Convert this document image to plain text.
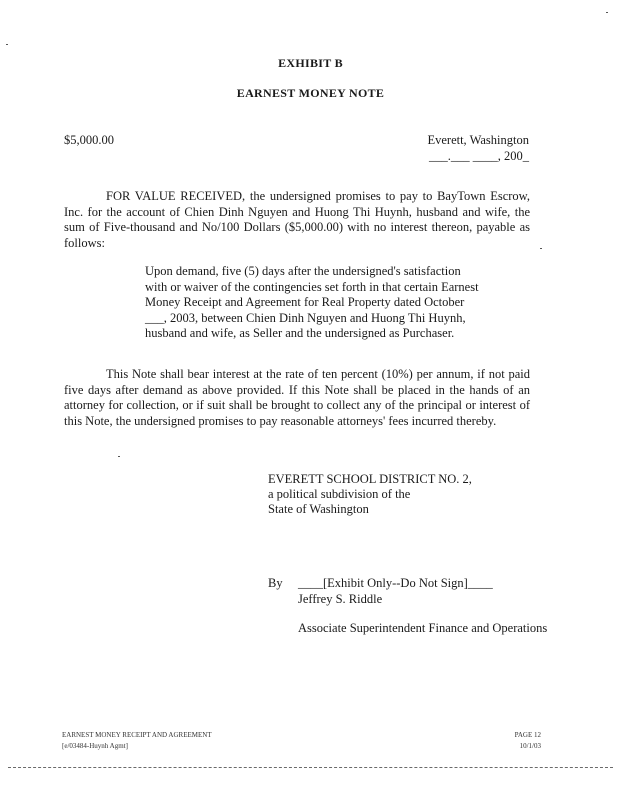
EXHIBIT B
EARNEST MONEY NOTE
$5,000.00	Everett, Washington
___.___ ____, 200_
FOR VALUE RECEIVED, the undersigned promises to pay to BayTown Escrow, Inc. for the account of Chien Dinh Nguyen and Huong Thi Huynh, husband and wife, the sum of Five-thousand and No/100 Dollars ($5,000.00) with no interest thereon, payable as follows:
Upon demand, five (5) days after the undersigned's satisfaction with or waiver of the contingencies set forth in that certain Earnest Money Receipt and Agreement for Real Property dated October ___, 2003, between Chien Dinh Nguyen and Huong Thi Huynh, husband and wife, as Seller and the undersigned as Purchaser.
This Note shall bear interest at the rate of ten percent (10%) per annum, if not paid five days after demand as above provided. If this Note shall be placed in the hands of an attorney for collection, or if suit shall be brought to collect any of the principal or interest of this Note, the undersigned promises to pay reasonable attorneys' fees incurred thereby.
EVERETT SCHOOL DISTRICT NO. 2,
a political subdivision of the
State of Washington
By ____[Exhibit Only--Do Not Sign]____
Jeffrey S. Riddle
Associate Superintendent Finance and Operations
EARNEST MONEY RECEIPT AND AGREEMENT
[e/03484-Huynh Agmt]
PAGE 12
10/1/03
